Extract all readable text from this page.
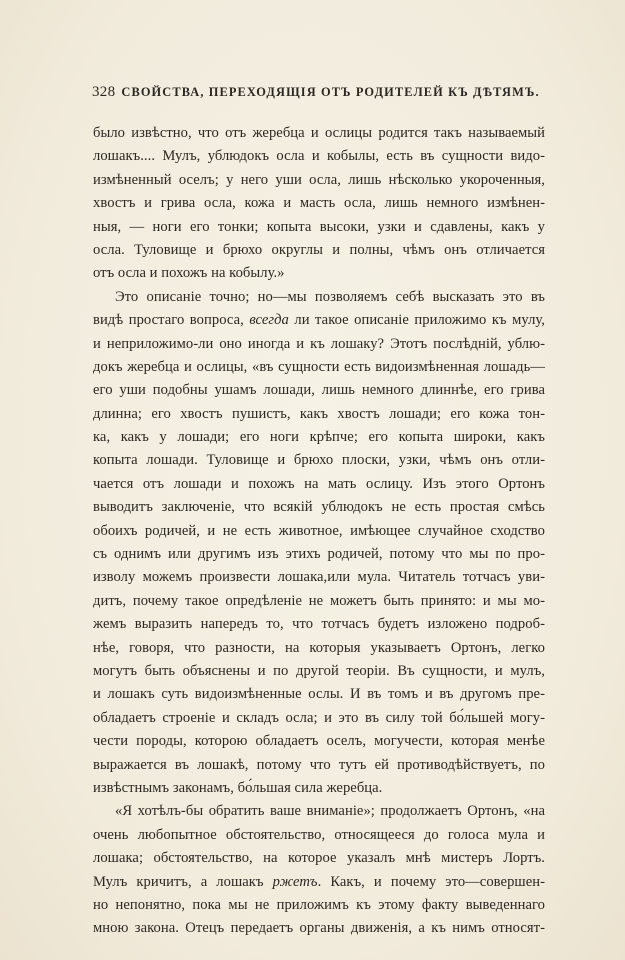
328 СВОЙСТВА, ПЕРЕХОДЯЩІЯ ОТЪ РОДИТЕЛЕЙ КЪ ДѢТЯМЪ.
было извѣстно, что отъ жеребца и ослицы родится такъ называемый
лошакъ.... Мулъ, ублюдокъ осла и кобылы, есть въ сущности видо-
измѣненный оселъ; у него уши осла, лишь нѣсколько укороченныя,
хвостъ и грива осла, кожа и масть осла, лишь немного измѣнен-
ныя, — ноги его тонки; копыта высоки, узки и сдавлены, какъ у
осла. Туловище и брюхо округлы и полны, чѣмъ онъ отличается
отъ осла и похожъ на кобылу.»
Это описаніе точно; но—мы позволяемъ себѣ высказать это въ
видѣ простаго вопроса, всегда ли такое описаніе приложимо къ мулу,
и неприложимо-ли оно иногда и къ лошаку? Этотъ послѣдній, ублю-
докъ жеребца и ослицы, «въ сущности есть видоизмѣненная лошадь—
его уши подобны ушамъ лошади, лишь немного длиннѣе, его грива
длинна; его хвостъ пушистъ, какъ хвостъ лошади; его кожа тон-
ка, какъ у лошади; его ноги крѣпче; его копыта широки, какъ
копыта лошади. Туловище и брюхо плоски, узки, чѣмъ онъ отли-
чается отъ лошади и похожъ на мать ослицу. Изъ этого Ортонъ
выводитъ заключеніе, что всякій ублюдокъ не есть простая смѣсь
обоихъ родичей, и не есть животное, имѣющее случайное сходство
съ однимъ или другимъ изъ этихъ родичей, потому что мы по про-
изволу можемъ произвести лошака,или мула. Читатель тотчасъ уви-
дитъ, почему такое опредѣленіе не можетъ быть принято: и мы мо-
жемъ выразить напередъ то, что тотчасъ будетъ изложено подроб-
нѣе, говоря, что разности, на которыя указываетъ Ортонъ, легко
могутъ быть объяснены и по другой теоріи. Въ сущности, и мулъ,
и лошакъ суть видоизмѣненные ослы. И въ томъ и въ другомъ пре-
обладаетъ строеніе и складъ осла; и это въ силу той бо́льшей могу-
чести породы, которою обладаетъ оселъ, могучести, которая менѣе
выражается въ лошакѣ, потому что тутъ ей противодѣйствуетъ, по
извѣстнымъ законамъ, бо́льшая сила жеребца.
«Я хотѣлъ-бы обратить ваше вниманіе»; продолжаетъ Ортонъ, «на
очень любопытное обстоятельство, относящееся до голоса мула и
лошака; обстоятельство, на которое указалъ мнѣ мистеръ Лортъ.
Мулъ кричитъ, а лошакъ ржетъ. Какъ, и почему это—совершен-
но непонятно, пока мы не приложимъ къ этому факту выведеннаго
мною закона. Отецъ передаетъ органы движенія, а къ нимъ относят-
